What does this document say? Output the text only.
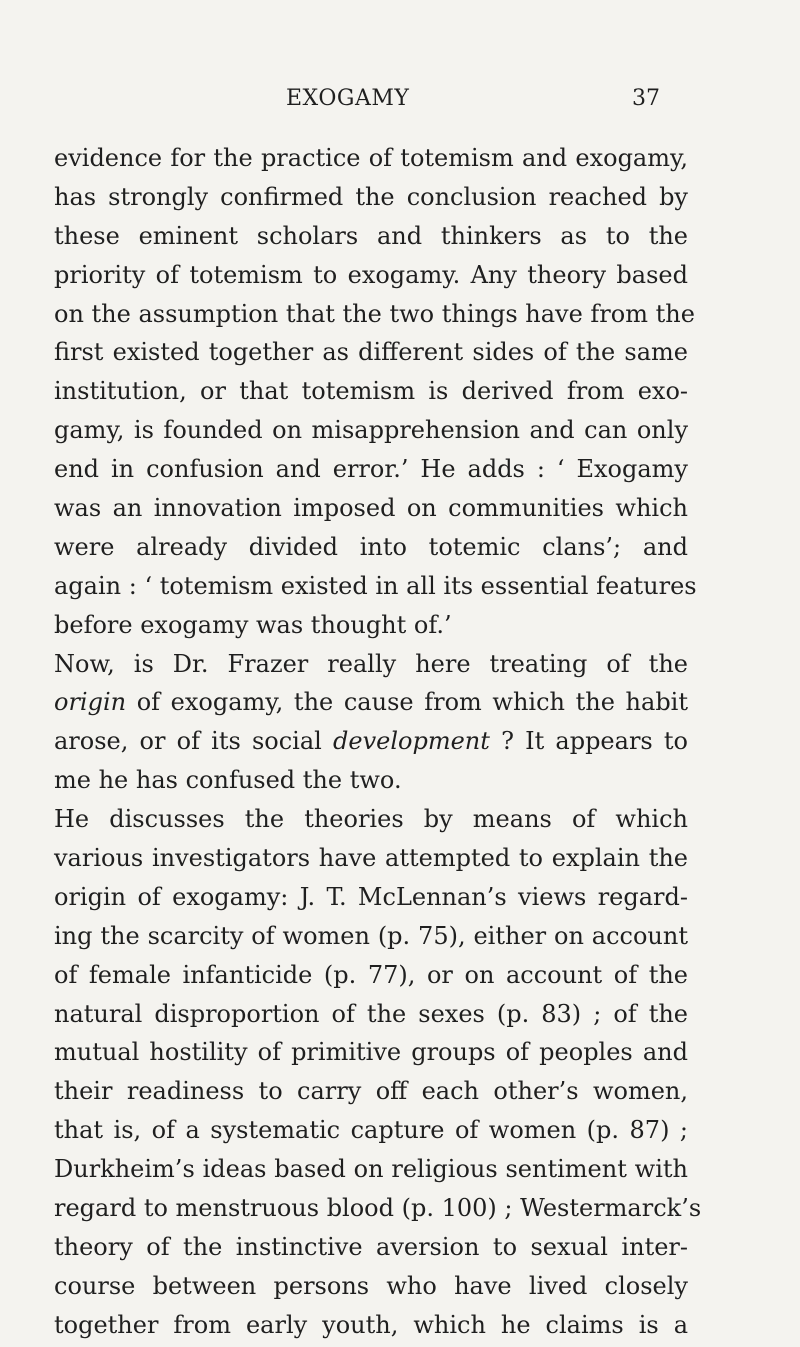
EXOGAMY	37
evidence for the practice of totemism and exogamy,
has strongly confirmed the conclusion reached by
these eminent scholars and thinkers as to the
priority of totemism to exogamy. Any theory based
on the assumption that the two things have from the
first existed together as different sides of the same
institution, or that totemism is derived from exo-
gamy, is founded on misapprehension and can only
end in confusion and error.’ He adds : ‘ Exogamy
was an innovation imposed on communities which
were already divided into totemic clans’; and
again : ‘ totemism existed in all its essential features
before exogamy was thought of.’
Now, is Dr. Frazer really here treating of the
origin of exogamy, the cause from which the habit
arose, or of its social development ? It appears to
me he has confused the two.
He discusses the theories by means of which
various investigators have attempted to explain the
origin of exogamy: J. T. McLennan’s views regard-
ing the scarcity of women (p. 75), either on account
of female infanticide (p. 77), or on account of the
natural disproportion of the sexes (p. 83) ; of the
mutual hostility of primitive groups of peoples and
their readiness to carry off each other’s women,
that is, of a systematic capture of women (p. 87) ;
Durkheim’s ideas based on religious sentiment with
regard to menstruous blood (p. 100) ; Westermarck’s
theory of the instinctive aversion to sexual inter-
course between persons who have lived closely
together from early youth, which he claims is a
